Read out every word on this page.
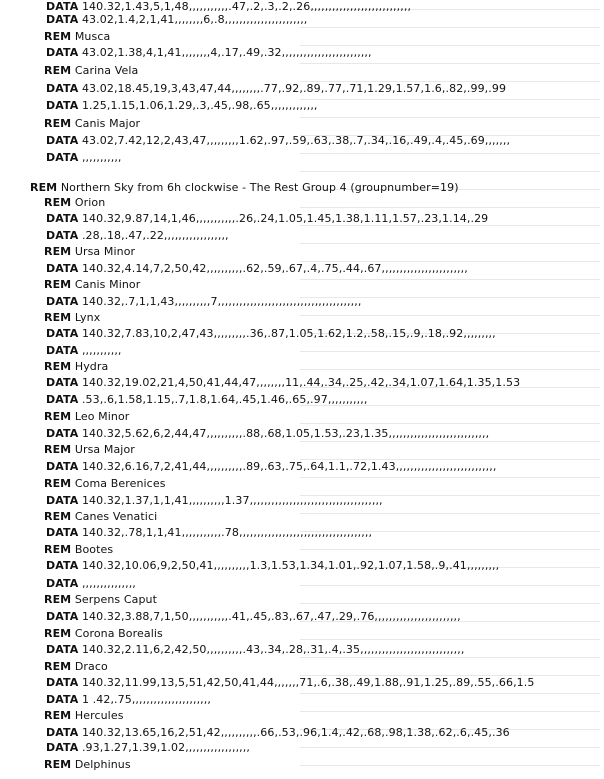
DATA 43.02,1.4,2,1,41,,,,,,,,6,.8,,,,,,,,,,,,,,,,,,,,,,,
REM Musca
DATA 43.02,1.38,4,1,41,,,,,,,,4,.17,.49,.32,,,,,,,,,,,,,,,,,,,,,,,,,
REM Carina Vela
DATA 43.02,18.45,19,3,43,47,44,,,,,,,,.77,.92,.89,.77,.71,1.29,1.57,1.6,.82,.99,.99
DATA 1.25,1.15,1.06,1.29,.3,.45,.98,.65,,,,,,,,,,,,,
REM Canis Major
DATA 43.02,7.42,12,2,43,47,,,,,,,,,1.62,.97,.59,.63,.38,.7,.34,.16,.49,.4,.45,.69,,,,,,,
DATA ,,,,,,,,,,,
REM Northern Sky from 6h clockwise - The Rest Group 4 (groupnumber=19)
REM Orion
DATA 140.32,9.87,14,1,46,,,,,,,,,,,.26,.24,1.05,1.45,1.38,1.11,1.57,.23,1.14,.29
DATA .28,.18,.47,.22,,,,,,,,,,,,,,,,,,
REM Ursa Minor
DATA 140.32,4.14,7,2,50,42,,,,,,,,,,.62,.59,.67,.4,.75,.44,.67,,,,,,,,,,,,,,,,,,,,,,,,
REM Canis Minor
DATA 140.32,.7,1,1,43,,,,,,,,,,7,,,,,,,,,,,,,,,,,,,,,,,,,,,,,,,,,,,,,,,,
REM Lynx
DATA 140.32,7.83,10,2,47,43,,,,,,,,,.36,.87,1.05,1.62,1.2,.58,.15,.9,.18,.92,,,,,,,,,
DATA ,,,,,,,,,,,
REM Hydra
DATA 140.32,19.02,21,4,50,41,44,47,,,,,,,,11,.44,.34,.25,.42,.34,1.07,1.64,1.35,1.53
DATA .53,.6,1.58,1.15,.7,1.8,1.64,.45,1.46,.65,.97,,,,,,,,,,,
REM Leo Minor
DATA 140.32,5.62,6,2,44,47,,,,,,,,,,.88,.68,1.05,1.53,.23,1.35,,,,,,,,,,,,,,,,,,,,,,,,,,,,
REM Ursa Major
DATA 140.32,6.16,7,2,41,44,,,,,,,,,,.89,.63,.75,.64,1.1,.72,1.43,,,,,,,,,,,,,,,,,,,,,,,,,,,,
REM Coma Berenices
DATA 140.32,1.37,1,1,41,,,,,,,,,,1.37,,,,,,,,,,,,,,,,,,,,,,,,,,,,,,,,,,,,,
REM Canes Venatici
DATA 140.32,.78,1,1,41,,,,,,,,,,,.78,,,,,,,,,,,,,,,,,,,,,,,,,,,,,,,,,,,,,
REM Bootes
DATA 140.32,10.06,9,2,50,41,,,,,,,,,,1.3,1.53,1.34,1.01,.92,1.07,1.58,.9,.41,,,,,,,,,
DATA ,,,,,,,,,,,,,,,
REM Serpens Caput
DATA 140.32,3.88,7,1,50,,,,,,,,,,,.41,.45,.83,.67,.47,.29,.76,,,,,,,,,,,,,,,,,,,,,,,,
REM Corona Borealis
DATA 140.32,2.11,6,2,42,50,,,,,,,,,,.43,.34,.28,.31,.4,.35,,,,,,,,,,,,,,,,,,,,,,,,,,,,,
REM Draco
DATA 140.32,11.99,13,5,51,42,50,41,44,,,,,,,71,.6,.38,.49,1.88,.91,1.25,.89,.55,.66,1.5
DATA 1 .42,.75,,,,,,,,,,,,,,,,,,,,,,
REM Hercules
DATA 140.32,13.65,16,2,51,42,,,,,,,,,,.66,.53,.96,1.4,.42,.68,.98,1.38,.62,.6,.45,.36
DATA .93,1.27,1.39,1.02,,,,,,,,,,,,,,,,,,
REM Delphinus
DATA 140.32,1.43,5,1,48,,,,,,,,,,,.47,.2,.3,.2,.26,,,,,,,,,,,,,,,,,,,,,,,,,,,,
